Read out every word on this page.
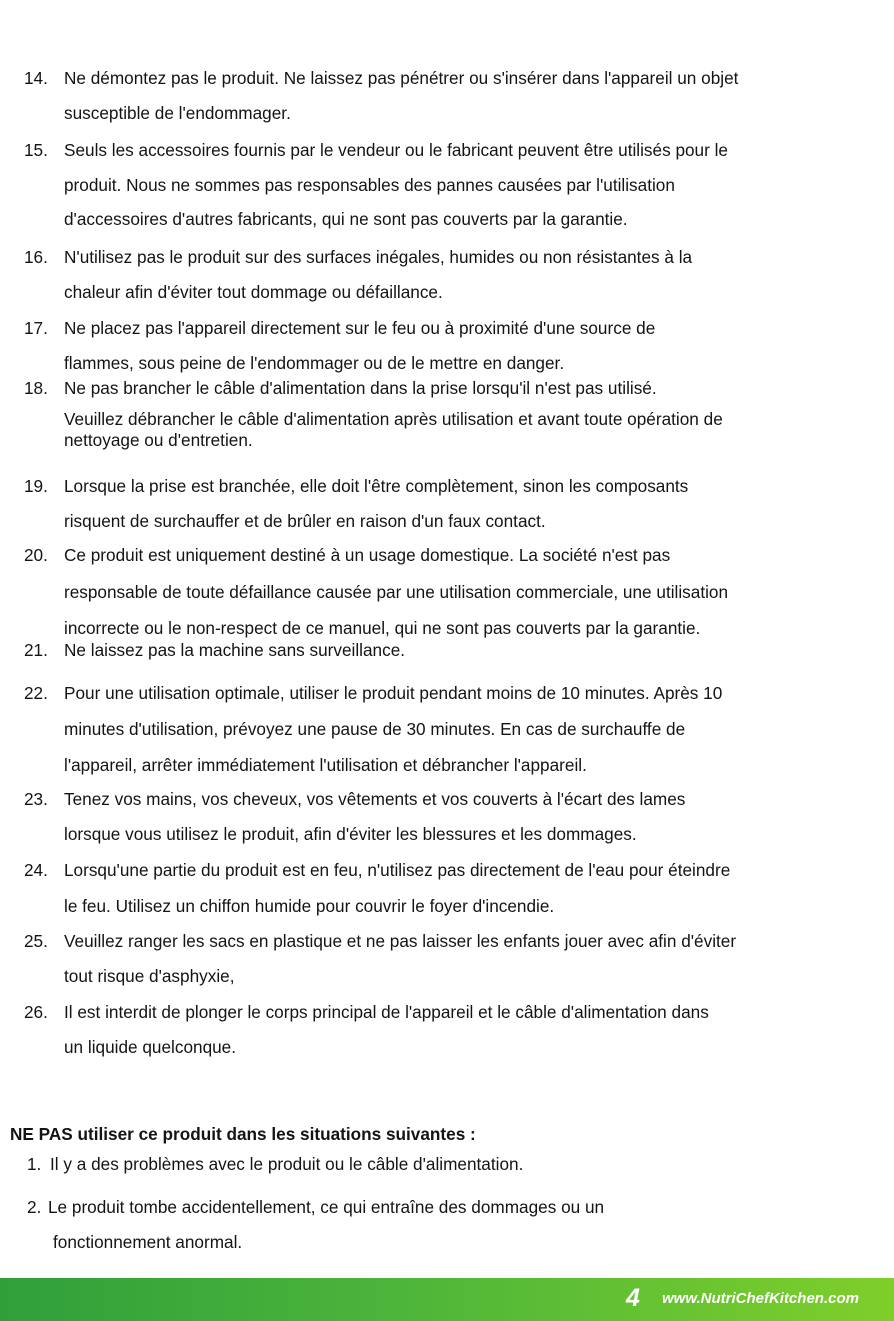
14. Ne démontez pas le produit. Ne laissez pas pénétrer ou s'insérer dans l'appareil un objet
susceptible de l'endommager.
15. Seuls les accessoires fournis par le vendeur ou le fabricant peuvent être utilisés pour le
produit. Nous ne sommes pas responsables des pannes causées par l'utilisation
d'accessoires d'autres fabricants, qui ne sont pas couverts par la garantie.
16. N'utilisez pas le produit sur des surfaces inégales, humides ou non résistantes à la
chaleur afin d'éviter tout dommage ou défaillance.
17. Ne placez pas l'appareil directement sur le feu ou à proximité d'une source de
flammes, sous peine de l'endommager ou de le mettre en danger.
18. Ne pas brancher le câble d'alimentation dans la prise lorsqu'il n'est pas utilisé.
Veuillez débrancher le câble d'alimentation après utilisation et avant toute opération de
nettoyage ou d'entretien.
19. Lorsque la prise est branchée, elle doit l'être complètement, sinon les composants
risquent de surchauffer et de brûler en raison d'un faux contact.
20. Ce produit est uniquement destiné à un usage domestique. La société n'est pas
responsable de toute défaillance causée par une utilisation commerciale, une utilisation
incorrecte ou le non-respect de ce manuel, qui ne sont pas couverts par la garantie.
21. Ne laissez pas la machine sans surveillance.
22. Pour une utilisation optimale, utiliser le produit pendant moins de 10 minutes. Après 10
minutes d'utilisation, prévoyez une pause de 30 minutes. En cas de surchauffe de
l'appareil, arrêter immédiatement l'utilisation et débrancher l'appareil.
23. Tenez vos mains, vos cheveux, vos vêtements et vos couverts à l'écart des lames
lorsque vous utilisez le produit, afin d'éviter les blessures et les dommages.
24. Lorsqu'une partie du produit est en feu, n'utilisez pas directement de l'eau pour éteindre
le feu. Utilisez un chiffon humide pour couvrir le foyer d'incendie.
25. Veuillez ranger les sacs en plastique et ne pas laisser les enfants jouer avec afin d'éviter
tout risque d'asphyxie,
26. Il est interdit de plonger le corps principal de l'appareil et le câble d'alimentation dans
un liquide quelconque.
NE PAS utiliser ce produit dans les situations suivantes :
1. Il y a des problèmes avec le produit ou le câble d'alimentation.
2. Le produit tombe accidentellement, ce qui entraîne des dommages ou un
fonctionnement anormal.
4 www.NutriChefKitchen.com
